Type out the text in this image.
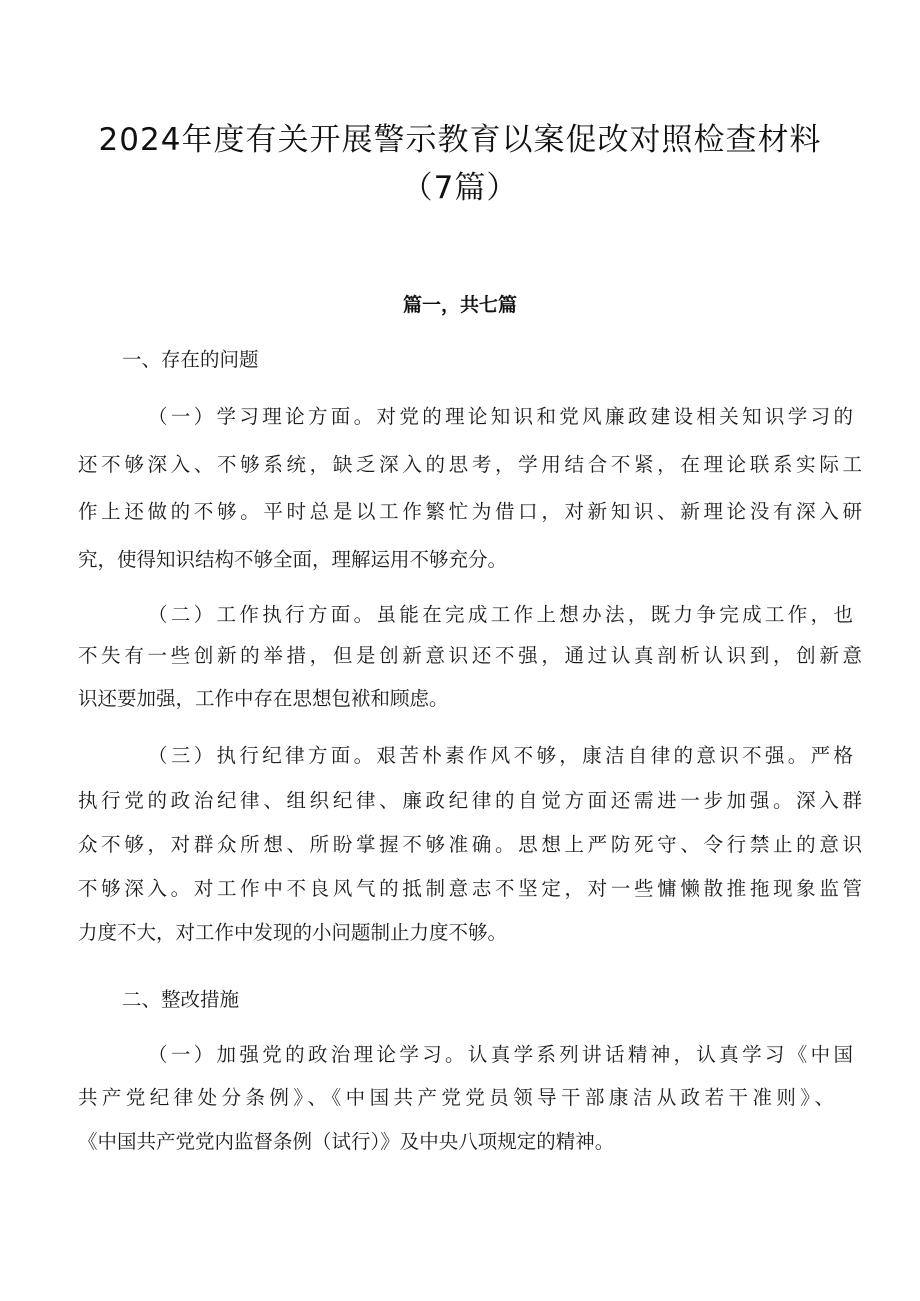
2024年度有关开展警示教育以案促改对照检查材料
（7篇）
篇一，共七篇
一、存在的问题
（一）学习理论方面。对党的理论知识和党风廉政建设相关知识学习的
还不够深入、不够系统，缺乏深入的思考，学用结合不紧，在理论联系实际工
作上还做的不够。平时总是以工作繁忙为借口，对新知识、新理论没有深入研
究，使得知识结构不够全面，理解运用不够充分。
（二）工作执行方面。虽能在完成工作上想办法，既力争完成工作，也
不失有一些创新的举措，但是创新意识还不强，通过认真剖析认识到，创新意
识还要加强，工作中存在思想包袱和顾虑。
（三）执行纪律方面。艰苦朴素作风不够，康洁自律的意识不强。严格
执行党的政治纪律、组织纪律、廉政纪律的自觉方面还需进一步加强。深入群
众不够，对群众所想、所盼掌握不够准确。思想上严防死守、令行禁止的意识
不够深入。对工作中不良风气的抵制意志不坚定，对一些慵懒散推拖现象监管
力度不大，对工作中发现的小问题制止力度不够。
二、整改措施
（一）加强党的政治理论学习。认真学系列讲话精神，认真学习《中国
共产党纪律处分条例》、《中国共产党党员领导干部康洁从政若干准则》、
《中国共产党党内监督条例（试行）》及中央八项规定的精神。
